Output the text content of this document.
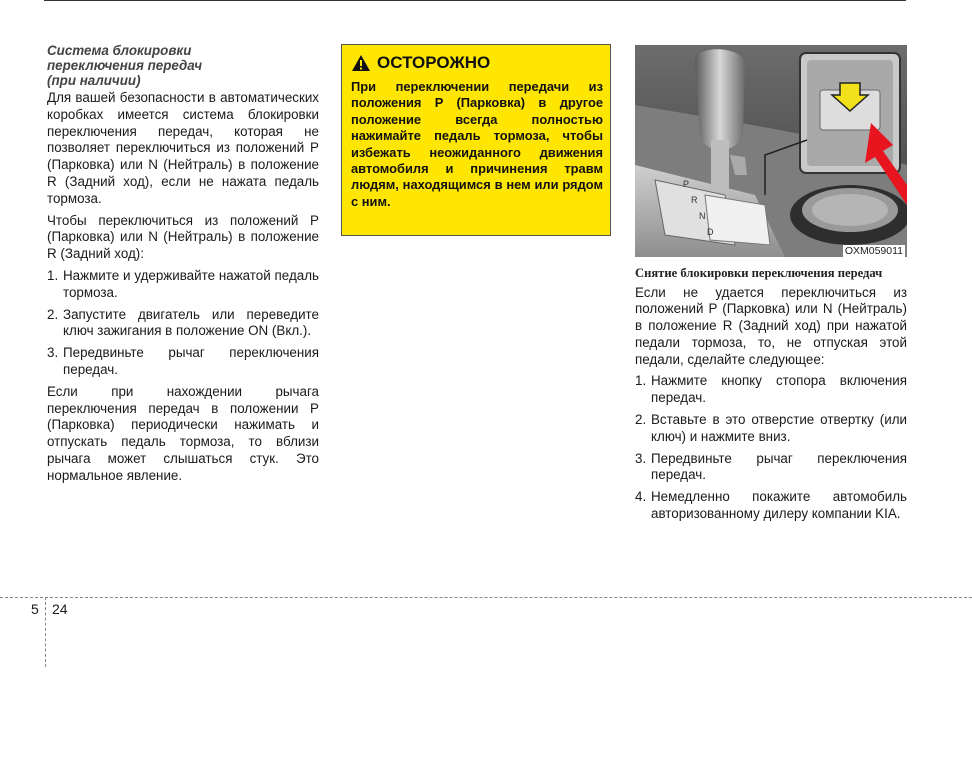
Система блокировки
переключения передач
(при наличии)

Для вашей безопасности в автоматических коробках имеется система блокировки переключения передач, которая не позволяет переключиться из положений P (Парковка) или N (Нейтраль) в положение R (Задний ход), если не нажата педаль тормоза.

Чтобы переключиться из положений P (Парковка) или N (Нейтраль) в положение R (Задний ход):

1. Нажмите и удерживайте нажатой педаль тормоза.
2. Запустите двигатель или переведите ключ зажигания в положение ON (Вкл.).
3. Передвиньте рычаг переключения передач.

Если при нахождении рычага переключения передач в положении P (Парковка) периодически нажимать и отпускать педаль тормоза, то вблизи рычага может слышаться стук. Это нормальное явление.

ОСТОРОЖНО
При переключении передачи из положения P (Парковка) в другое положение всегда полностью нажимайте педаль тормоза, чтобы избежать неожиданного движения автомобиля и причинения травм людям, находящимся в нем или рядом с ним.
P
R
N
D
OXM059011
Снятие блокировки переключения передач

Если не удается переключиться из положений P (Парковка) или N (Нейтраль) в положение R (Задний ход) при нажатой педали тормоза, то, не отпуская этой педали, сделайте следующее:

1. Нажмите кнопку стопора включения передач.
2. Вставьте в это отверстие отвертку (или ключ) и нажмите вниз.
3. Передвиньте рычаг переключения передач.
4. Немедленно покажите автомобиль авторизованному дилеру компании KIA.
5 24
